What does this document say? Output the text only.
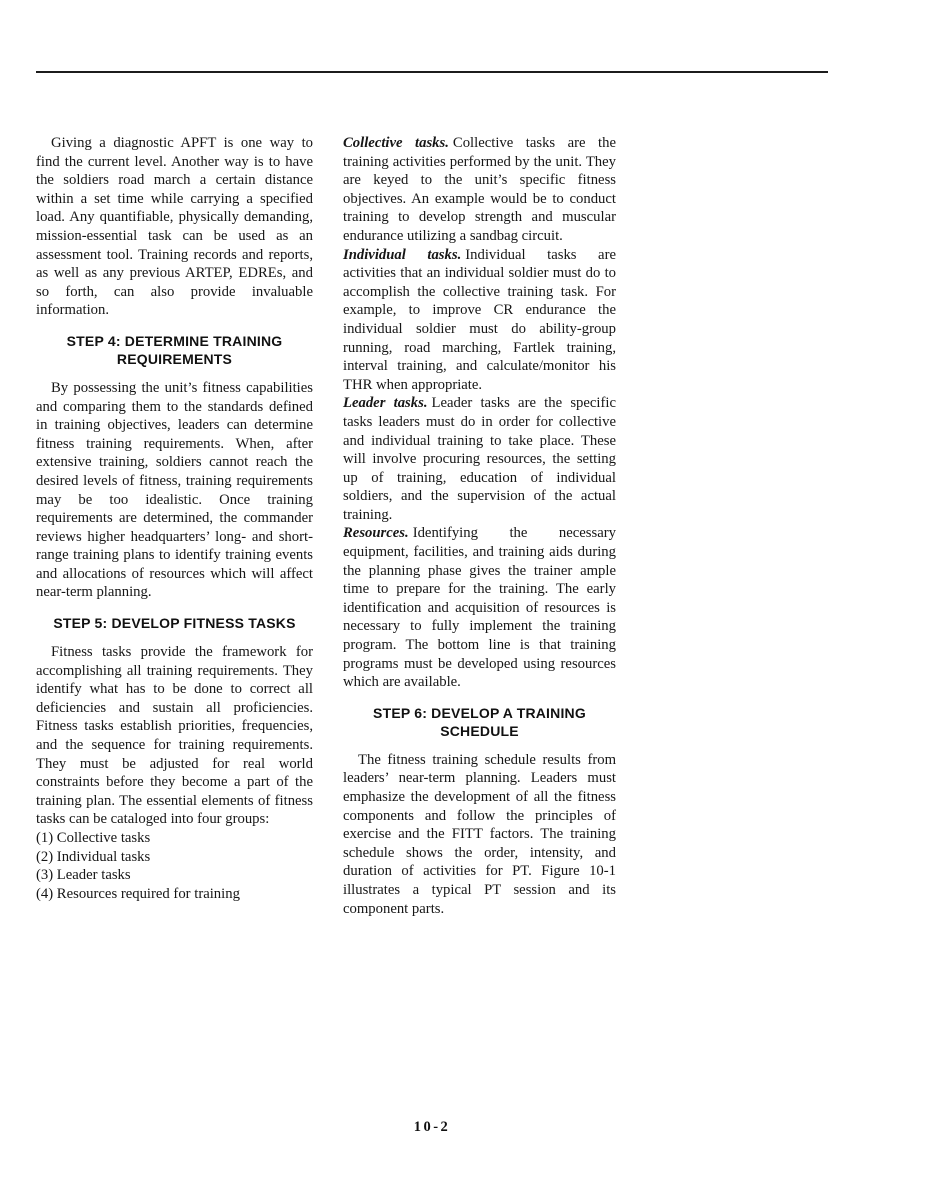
Giving a diagnostic APFT is one way to find the current level. Another way is to have the soldiers road march a certain distance within a set time while carrying a specified load. Any quantifiable, physically demanding, mission-essential task can be used as an assessment tool. Training records and reports, as well as any previous ARTEP, EDREs, and so forth, can also provide invaluable information.

STEP 4: DETERMINE TRAINING REQUIREMENTS

By possessing the unit’s fitness capabilities and comparing them to the standards defined in training objectives, leaders can determine fitness training requirements. When, after extensive training, soldiers cannot reach the desired levels of fitness, training requirements may be too idealistic. Once training requirements are determined, the commander reviews higher headquarters’ long- and short-range training plans to identify training events and allocations of resources which will affect near-term planning.

STEP 5: DEVELOP FITNESS TASKS

Fitness tasks provide the framework for accomplishing all training requirements. They identify what has to be done to correct all deficiencies and sustain all proficiencies. Fitness tasks establish priorities, frequencies, and the sequence for training requirements. They must be adjusted for real world constraints before they become a part of the training plan. The essential elements of fitness tasks can be cataloged into four groups:

(1) Collective tasks

(2) Individual tasks

(3) Leader tasks

(4) Resources required for training

Collective tasks. Collective tasks are the training activities performed by the unit. They are keyed to the unit’s specific fitness objectives. An example would be to conduct training to develop strength and muscular endurance utilizing a sandbag circuit.

Individual tasks. Individual tasks are activities that an individual soldier must do to accomplish the collective training task. For example, to improve CR endurance the individual soldier must do ability-group running, road marching, Fartlek training, interval training, and calculate/monitor his THR when appropriate.

Leader tasks. Leader tasks are the specific tasks leaders must do in order for collective and individual training to take place. These will involve procuring resources, the setting up of training, education of individual soldiers, and the supervision of the actual training.

Resources. Identifying the necessary equipment, facilities, and training aids during the planning phase gives the trainer ample time to prepare for the training. The early identification and acquisition of resources is necessary to fully implement the training program. The bottom line is that training programs must be developed using resources which are available.

STEP 6: DEVELOP A TRAINING SCHEDULE

The fitness training schedule results from leaders’ near-term planning. Leaders must emphasize the development of all the fitness components and follow the principles of exercise and the FITT factors. The training schedule shows the order, intensity, and duration of activities for PT. Figure 10-1 illustrates a typical PT session and its component parts.

10-2
